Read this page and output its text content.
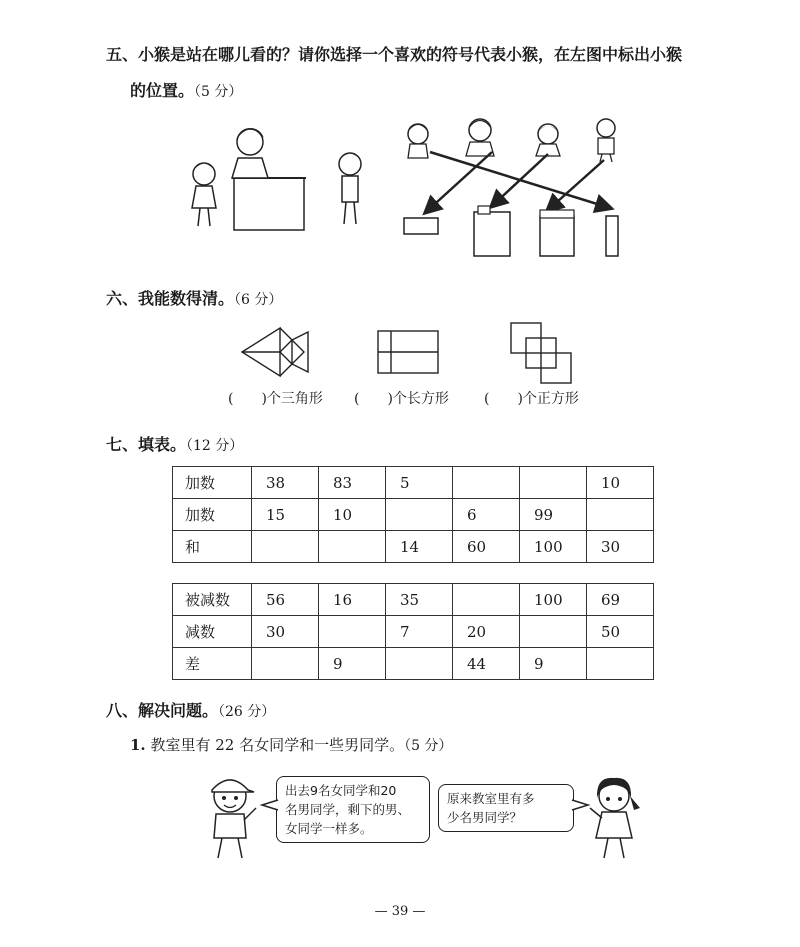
五、小猴是站在哪儿看的？请你选择一个喜欢的符号代表小猴，在左图中标出小猴
的位置。（5 分）
六、我能数得清。（6 分）
(　　)个三角形 (　　)个长方形	(　　)个正方形
七、填表。（12 分）
加数	38	83	5			10
加数	15	10		6	99	
和			14	60	100	30
被减数	56	16	35		100	69
减数	30		7	20		50
差		9		44	9	
八、解决问题。（26 分）
1. 教室里有 22 名女同学和一些男同学。（5 分）
出去9名女同学和20
名男同学，剩下的男、
女同学一样多。
原来教室里有多
少名男同学？
— 39 —
